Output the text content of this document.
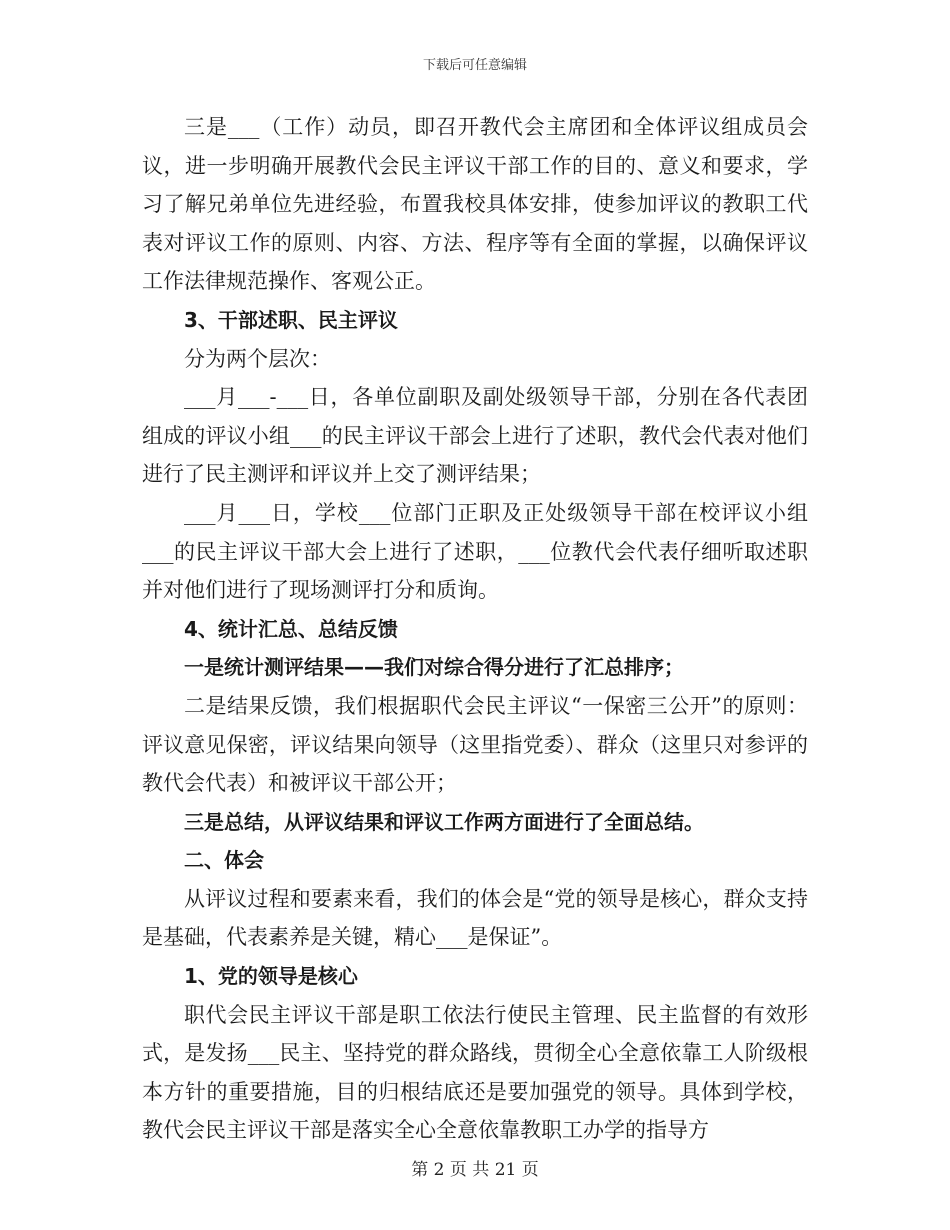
下载后可任意编辑

三是___（工作）动员，即召开教代会主席团和全体评议组成员会议，进一步明确开展教代会民主评议干部工作的目的、意义和要求，学习了解兄弟单位先进经验，布置我校具体安排，使参加评议的教职工代表对评议工作的原则、内容、方法、程序等有全面的掌握，以确保评议工作法律规范操作、客观公正。

3、干部述职、民主评议

分为两个层次：

___月___-___日，各单位副职及副处级领导干部，分别在各代表团组成的评议小组___的民主评议干部会上进行了述职，教代会代表对他们进行了民主测评和评议并上交了测评结果；

___月___日，学校___位部门正职及正处级领导干部在校评议小组___的民主评议干部大会上进行了述职，___位教代会代表仔细听取述职并对他们进行了现场测评打分和质询。

4、统计汇总、总结反馈

一是统计测评结果——我们对综合得分进行了汇总排序；

二是结果反馈，我们根据职代会民主评议“一保密三公开”的原则：评议意见保密，评议结果向领导（这里指党委）、群众（这里只对参评的教代会代表）和被评议干部公开；

三是总结，从评议结果和评议工作两方面进行了全面总结。

二、体会

从评议过程和要素来看，我们的体会是“党的领导是核心，群众支持是基础，代表素养是关键，精心___是保证”。

1、党的领导是核心

职代会民主评议干部是职工依法行使民主管理、民主监督的有效形式，是发扬___民主、坚持党的群众路线，贯彻全心全意依靠工人阶级根本方针的重要措施，目的归根结底还是要加强党的领导。具体到学校，教代会民主评议干部是落实全心全意依靠教职工办学的指导方

第 2 页 共 21 页
